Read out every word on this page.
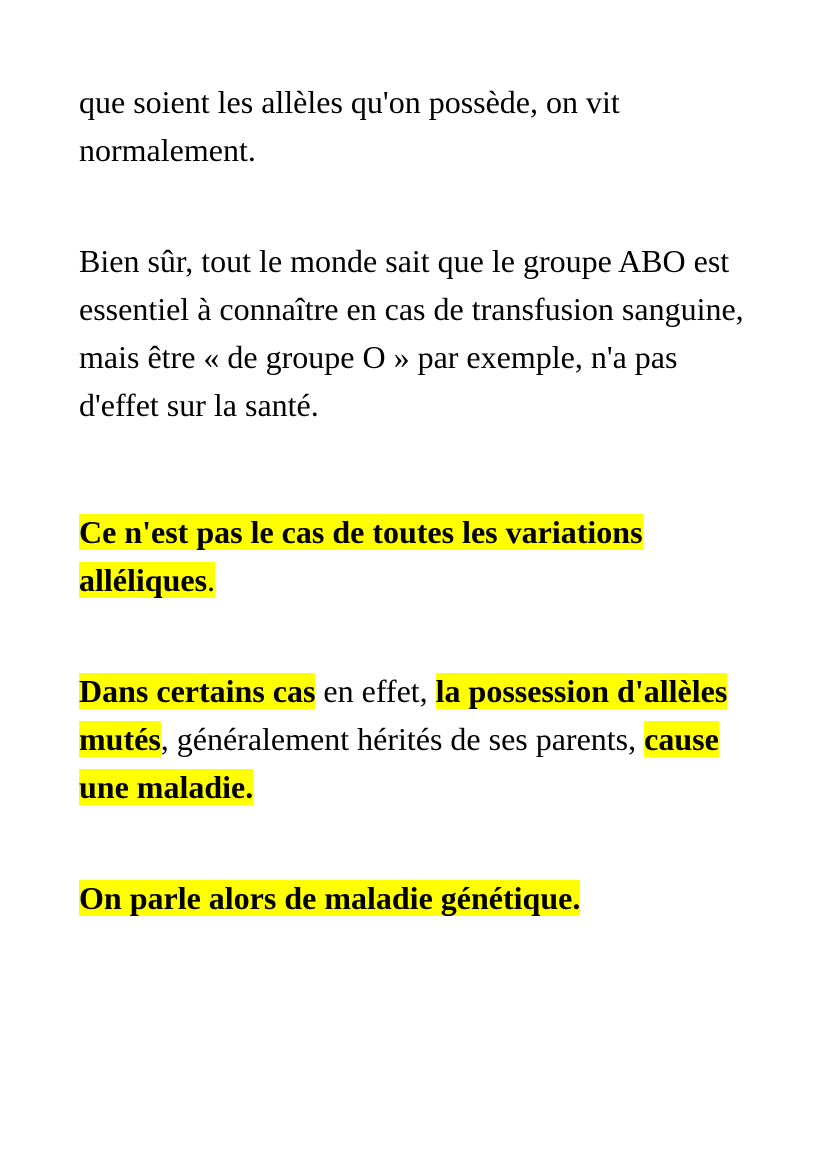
que soient les allèles qu'on possède, on vit normalement.

Bien sûr, tout le monde sait que le groupe ABO est essentiel à connaître en cas de transfusion sanguine, mais être « de groupe O » par exemple, n'a pas d'effet sur la santé.

Ce n'est pas le cas de toutes les variations alléliques.

Dans certains cas en effet, la possession d'allèles mutés, généralement hérités de ses parents, cause une maladie.

On parle alors de maladie génétique.
